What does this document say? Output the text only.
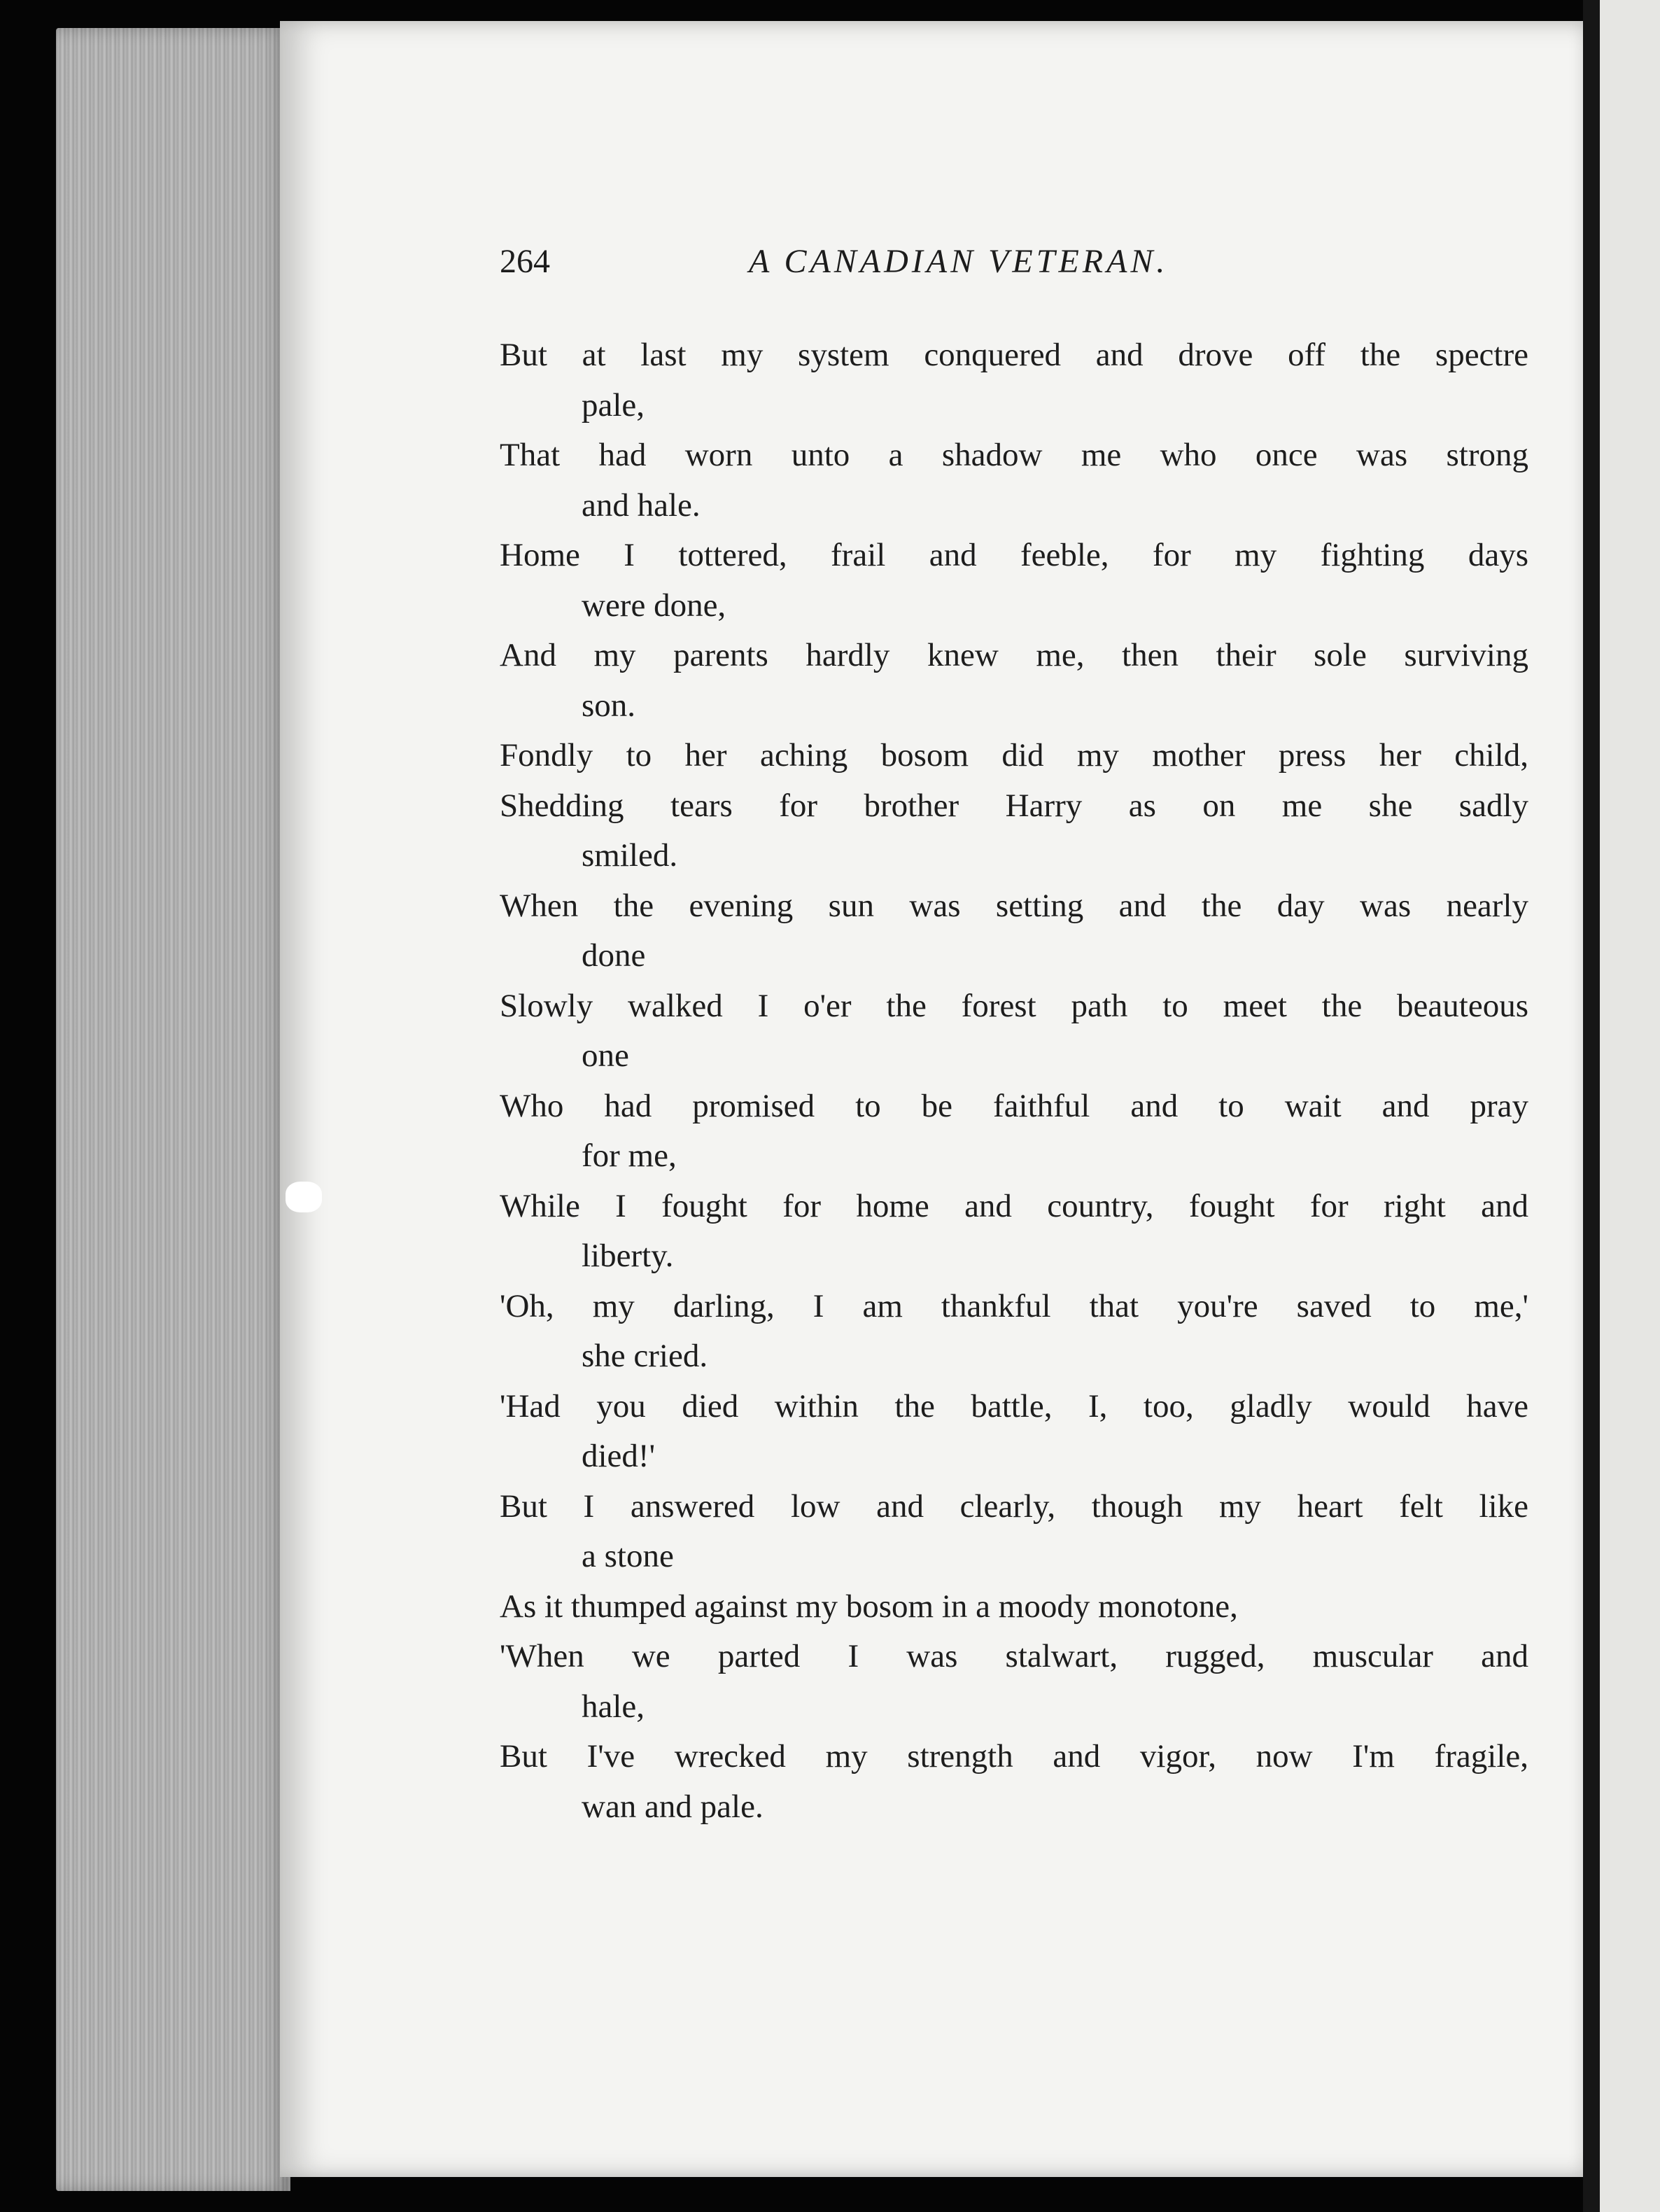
264	A CANADIAN VETERAN.
But at last my system conquered and drove off the spectre
pale,
That had worn unto a shadow me who once was strong
and hale.
Home I tottered, frail and feeble, for my fighting days
were done,
And my parents hardly knew me, then their sole surviving
son.
Fondly to her aching bosom did my mother press her child,
Shedding tears for brother Harry as on me she sadly
smiled.
When the evening sun was setting and the day was nearly
done
Slowly walked I o'er the forest path to meet the beauteous
one
Who had promised to be faithful and to wait and pray
for me,
While I fought for home and country, fought for right and
liberty.
'Oh, my darling, I am thankful that you're saved to me,'
she cried.
'Had you died within the battle, I, too, gladly would have
died!'
But I answered low and clearly, though my heart felt like
a stone
As it thumped against my bosom in a moody monotone,
'When we parted I was stalwart, rugged, muscular and
hale,
But I've wrecked my strength and vigor, now I'm fragile,
wan and pale.
